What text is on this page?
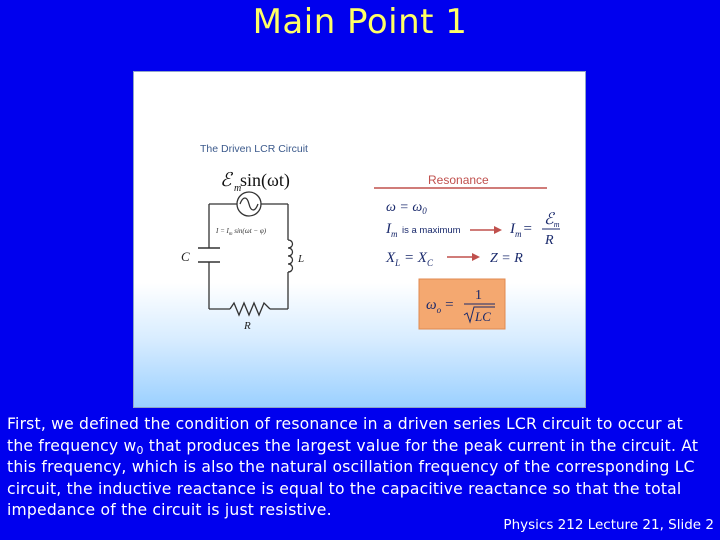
Main Point 1
The Driven LCR Circuit
ℰ m
sin(ωt)
$I = I_m$ sin(ωt − φ)
C	L
R
Resonance
$\omega = \omega_0$
$I_m$ is a maximum	$I_m$ =
ℰm
R
$X_L = X_C$	Z = R
$\omega_o$ =
1
LC
First, we defined the condition of resonance in a driven series LCR circuit to occur at the frequency $w_0$ that produces the largest value for the peak current in the circuit. At this frequency, which is also the natural oscillation frequency of the corresponding LC circuit, the inductive reactance is equal to the capacitive reactance so that the total impedance of the circuit is just resistive.
Physics 212 Lecture 21, Slide 2
